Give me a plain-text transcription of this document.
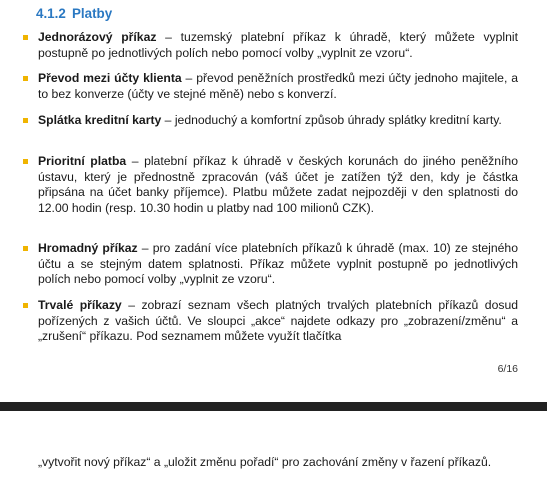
4.1.2 Platby
Jednorázový příkaz – tuzemský platební příkaz k úhradě, který můžete vyplnit postupně po jednotlivých polích nebo pomocí volby „vyplnit ze vzoru“.
Převod mezi účty klienta – převod peněžních prostředků mezi účty jednoho majitele, a to bez konverze (účty ve stejné měně) nebo s konverzí.
Splátka kreditní karty – jednoduchý a komfortní způsob úhrady splátky kreditní karty.
Prioritní platba – platební příkaz k úhradě v českých korunách do jiného peněžního ústavu, který je přednostně zpracován (váš účet je zatížen týž den, kdy je částka připsána na účet banky příjemce). Platbu můžete zadat nejpozději v den splatnosti do 12.00 hodin (resp. 10.30 hodin u platby nad 100 milionů CZK).
Hromadný příkaz – pro zadání více platebních příkazů k úhradě (max. 10) ze stejného účtu a se stejným datem splatnosti. Příkaz můžete vyplnit postupně po jednotlivých polích nebo pomocí volby „vyplnit ze vzoru“.
Trvalé příkazy – zobrazí seznam všech platných trvalých platebních příkazů dosud pořízených z vašich účtů. Ve sloupci „akce“ najdete odkazy pro „zobrazení/změnu“ a „zrušení“ příkazu. Pod seznamem můžete využít tlačítka
6/16
„vytvořit nový příkaz“ a „uložit změnu pořadí“ pro zachování změny v řazení příkazů.
